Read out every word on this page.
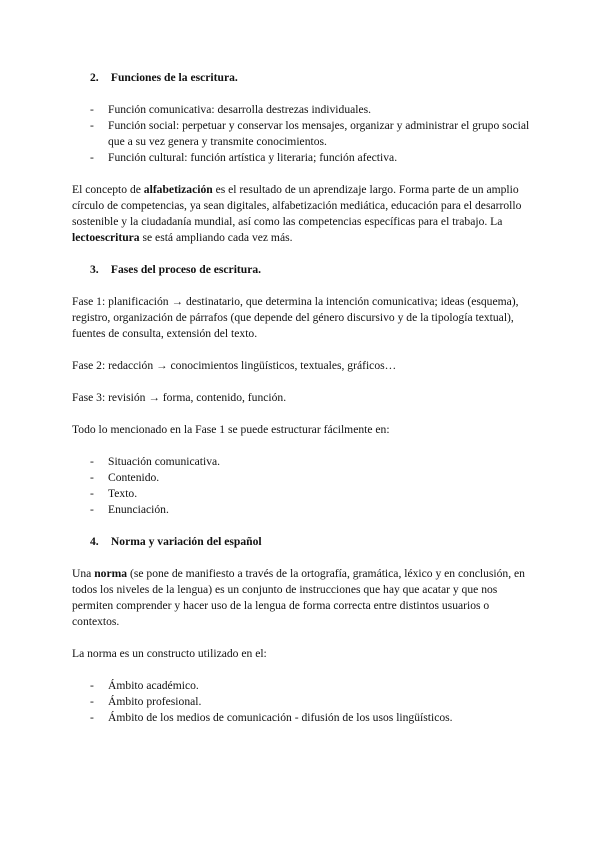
2. Funciones de la escritura.
- Función comunicativa: desarrolla destrezas individuales.
- Función social: perpetuar y conservar los mensajes, organizar y administrar el grupo social que a su vez genera y transmite conocimientos.
- Función cultural: función artística y literaria; función afectiva.

El concepto de alfabetización es el resultado de un aprendizaje largo. Forma parte de un amplio círculo de competencias, ya sean digitales, alfabetización mediática, educación para el desarrollo sostenible y la ciudadanía mundial, así como las competencias específicas para el trabajo. La lectoescritura se está ampliando cada vez más.

3. Fases del proceso de escritura.

Fase 1: planificación → destinatario, que determina la intención comunicativa; ideas (esquema), registro, organización de párrafos (que depende del género discursivo y de la tipología textual), fuentes de consulta, extensión del texto.

Fase 2: redacción → conocimientos lingüísticos, textuales, gráficos…

Fase 3: revisión → forma, contenido, función.

Todo lo mencionado en la Fase 1 se puede estructurar fácilmente en:

- Situación comunicativa.
- Contenido.
- Texto.
- Enunciación.
4. Norma y variación del español

Una norma (se pone de manifiesto a través de la ortografía, gramática, léxico y en conclusión, en todos los niveles de la lengua) es un conjunto de instrucciones que hay que acatar y que nos permiten comprender y hacer uso de la lengua de forma correcta entre distintos usuarios o contextos.

La norma es un constructo utilizado en el:

- Ámbito académico.
- Ámbito profesional.
- Ámbito de los medios de comunicación - difusión de los usos lingüísticos.
